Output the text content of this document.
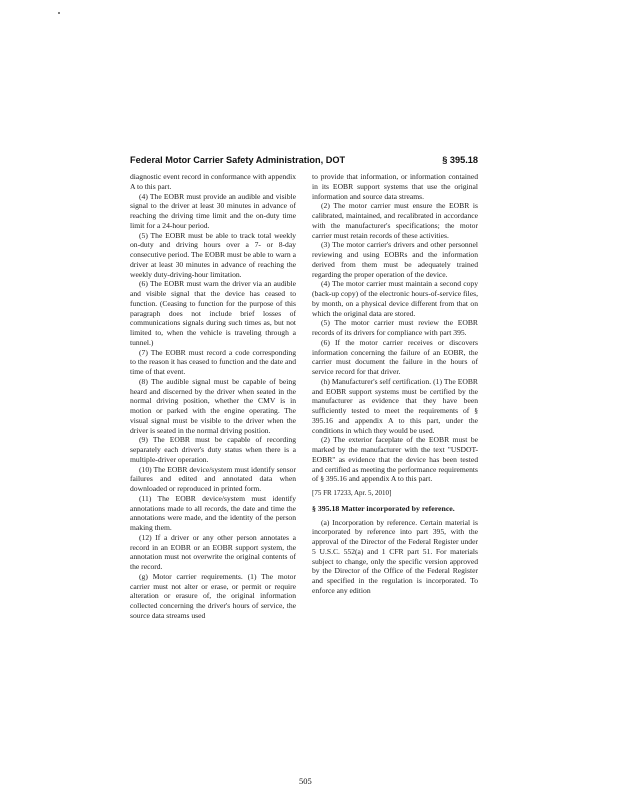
Federal Motor Carrier Safety Administration, DOT	§ 395.18

diagnostic event record in conformance with appendix A to this part.

(4) The EOBR must provide an audible and visible signal to the driver at least 30 minutes in advance of reaching the driving time limit and the on-duty time limit for a 24-hour period.

(5) The EOBR must be able to track total weekly on-duty and driving hours over a 7- or 8-day consecutive period. The EOBR must be able to warn a driver at least 30 minutes in advance of reaching the weekly duty-driving-hour limitation.

(6) The EOBR must warn the driver via an audible and visible signal that the device has ceased to function. (Ceasing to function for the purpose of this paragraph does not include brief losses of communications signals during such times as, but not limited to, when the vehicle is traveling through a tunnel.)

(7) The EOBR must record a code corresponding to the reason it has ceased to function and the date and time of that event.

(8) The audible signal must be capable of being heard and discerned by the driver when seated in the normal driving position, whether the CMV is in motion or parked with the engine operating. The visual signal must be visible to the driver when the driver is seated in the normal driving position.

(9) The EOBR must be capable of recording separately each driver's duty status when there is a multiple-driver operation.

(10) The EOBR device/system must identify sensor failures and edited and annotated data when downloaded or reproduced in printed form.

(11) The EOBR device/system must identify annotations made to all records, the date and time the annotations were made, and the identity of the person making them.

(12) If a driver or any other person annotates a record in an EOBR or an EOBR support system, the annotation must not overwrite the original contents of the record.

(g) Motor carrier requirements. (1) The motor carrier must not alter or erase, or permit or require alteration or erasure of, the original information collected concerning the driver's hours of service, the source data streams used

to provide that information, or information contained in its EOBR support systems that use the original information and source data streams.

(2) The motor carrier must ensure the EOBR is calibrated, maintained, and recalibrated in accordance with the manufacturer's specifications; the motor carrier must retain records of these activities.

(3) The motor carrier's drivers and other personnel reviewing and using EOBRs and the information derived from them must be adequately trained regarding the proper operation of the device.

(4) The motor carrier must maintain a second copy (back-up copy) of the electronic hours-of-service files, by month, on a physical device different from that on which the original data are stored.

(5) The motor carrier must review the EOBR records of its drivers for compliance with part 395.

(6) If the motor carrier receives or discovers information concerning the failure of an EOBR, the carrier must document the failure in the hours of service record for that driver.

(h) Manufacturer's self certification. (1) The EOBR and EOBR support systems must be certified by the manufacturer as evidence that they have been sufficiently tested to meet the requirements of § 395.16 and appendix A to this part, under the conditions in which they would be used.

(2) The exterior faceplate of the EOBR must be marked by the manufacturer with the text "USDOT-EOBR" as evidence that the device has been tested and certified as meeting the performance requirements of § 395.16 and appendix A to this part.

[75 FR 17233, Apr. 5, 2010]

§ 395.18 Matter incorporated by reference.

(a) Incorporation by reference. Certain material is incorporated by reference into part 395, with the approval of the Director of the Federal Register under 5 U.S.C. 552(a) and 1 CFR part 51. For materials subject to change, only the specific version approved by the Director of the Office of the Federal Register and specified in the regulation is incorporated. To enforce any edition

505
